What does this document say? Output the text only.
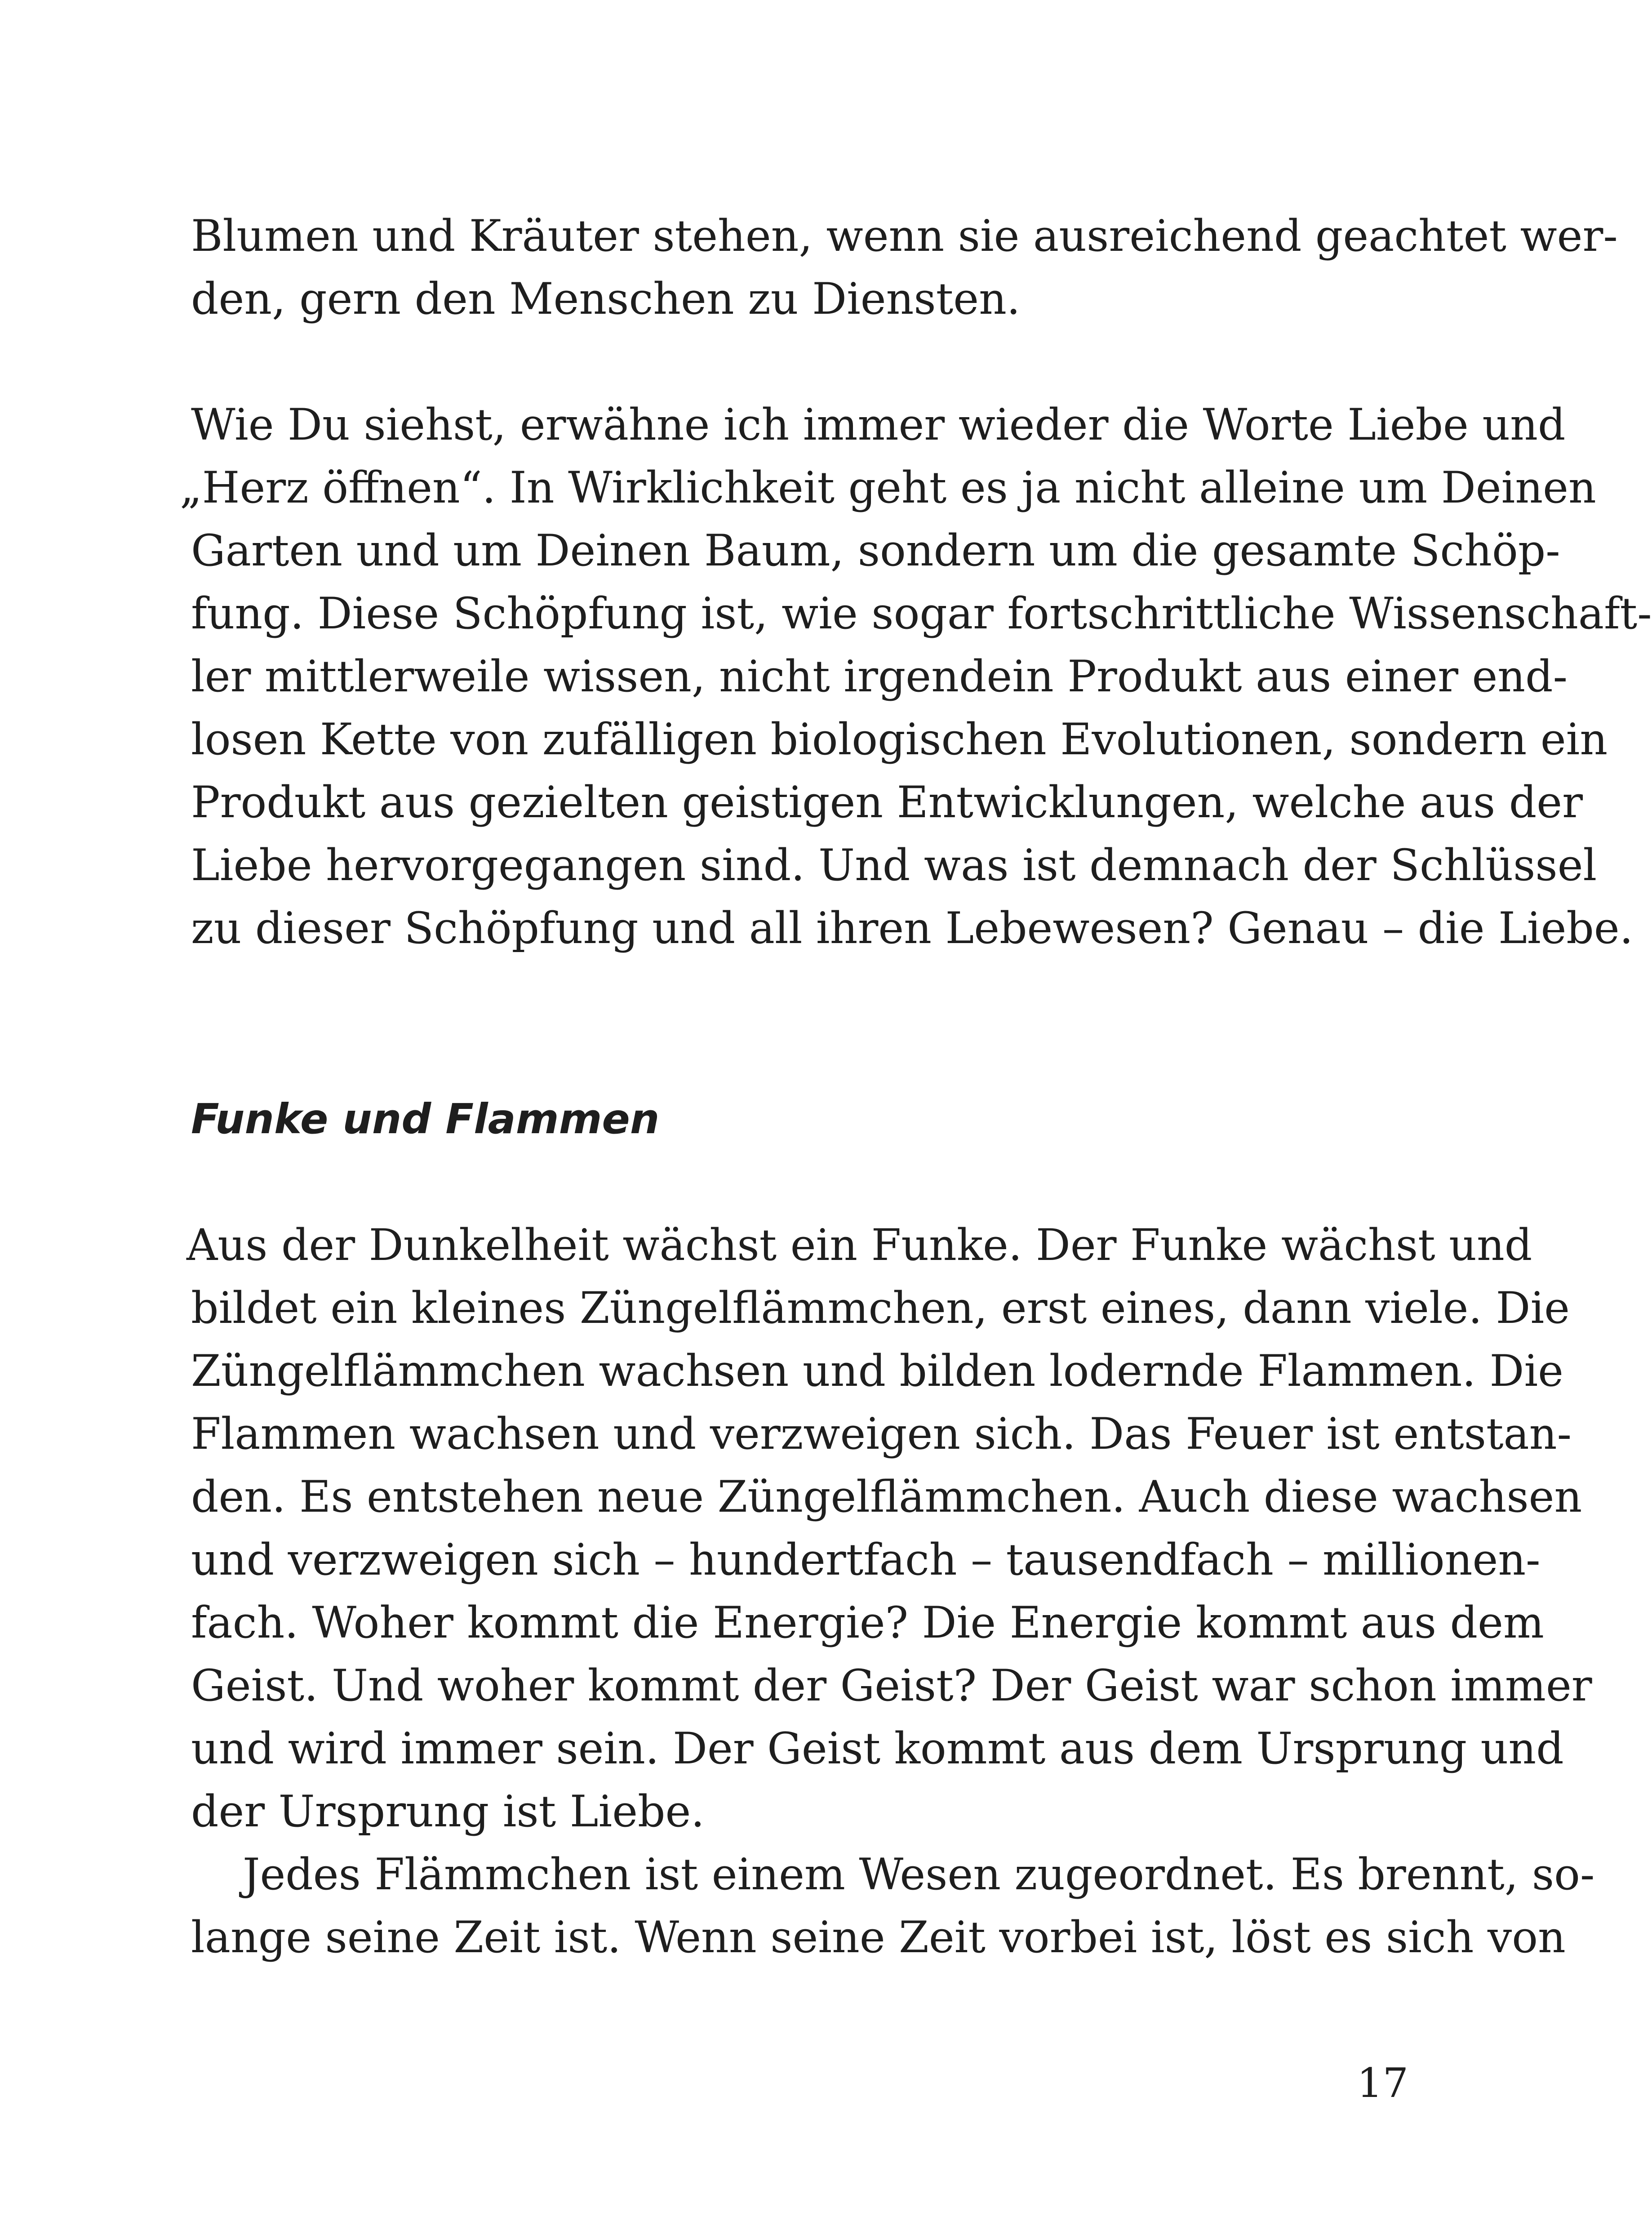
Blumen und Kräuter stehen, wenn sie ausreichend geachtet wer-
den, gern den Menschen zu Diensten.
Wie Du siehst, erwähne ich immer wieder die Worte Liebe und
„Herz öffnen“. In Wirklichkeit geht es ja nicht alleine um Deinen
Garten und um Deinen Baum, sondern um die gesamte Schöp-
fung. Diese Schöpfung ist, wie sogar fortschrittliche Wissenschaft-
ler mittlerweile wissen, nicht irgendein Produkt aus einer end-
losen Kette von zufälligen biologischen Evolutionen, sondern ein
Produkt aus gezielten geistigen Entwicklungen, welche aus der
Liebe hervorgegangen sind. Und was ist demnach der Schlüssel
zu dieser Schöpfung und all ihren Lebewesen? Genau – die Liebe.
Funke und Flammen
Aus der Dunkelheit wächst ein Funke. Der Funke wächst und
bildet ein kleines Züngelflämmchen, erst eines, dann viele. Die
Züngelflämmchen wachsen und bilden lodernde Flammen. Die
Flammen wachsen und verzweigen sich. Das Feuer ist entstan-
den. Es entstehen neue Züngelflämmchen. Auch diese wachsen
und verzweigen sich – hundertfach – tausendfach – millionen-
fach. Woher kommt die Energie? Die Energie kommt aus dem
Geist. Und woher kommt der Geist? Der Geist war schon immer
und wird immer sein. Der Geist kommt aus dem Ursprung und
der Ursprung ist Liebe.
Jedes Flämmchen ist einem Wesen zugeordnet. Es brennt, so-
lange seine Zeit ist. Wenn seine Zeit vorbei ist, löst es sich von
17
